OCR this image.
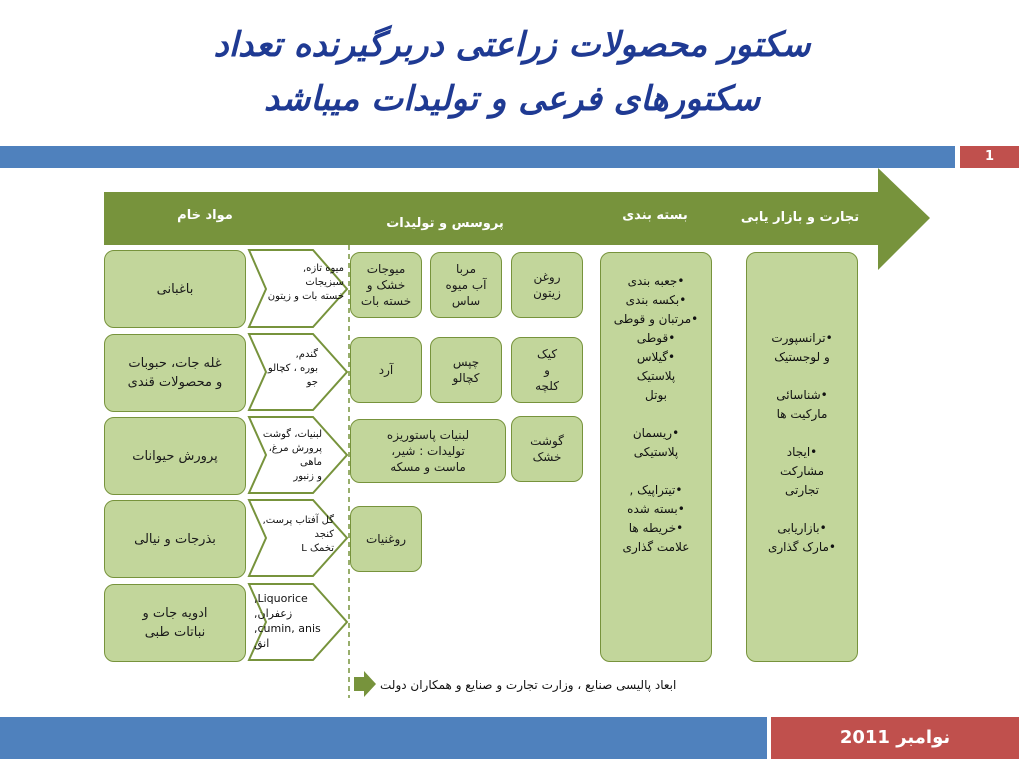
سکتور محصولات زراعتی دربرگیرنده تعداد
سکتورهای فرعی و تولیدات میباشد
1
مواد خام
پروسس و تولیدات
بسته بندی	تجارت و بازار یابی
باغبانی
غله جات، حبوبات
و محصولات قندی
پرورش حیوانات
بذرجات و نیالی
ادویه جات و
نباتات طبی
میوه تازه,
سبزیجات
خسته بات و زیتون
گندم,
بوره ، کچالو
جو
لبنیات، گوشت
پرورش مرغ،
ماهی
و زنبور
گل آفتاب پرست,
کنجد
تخمک L
Liquorice,
زعفران,
cumin, anis,
انق
میوجات
خشک و
خسته بات
مربا
آب میوه
ساس
روغن
زیتون
آرد
چپس
کچالو
کیک
و
کلچه
لبنیات پاستوریزه
تولیدات : شیر،
ماست و مسکه
گوشت
خشک
روغنیات
•جعبه بندی
•بکسه بندی
•مرتبان و قوطی
•قوطی
•گیلاس
پلاستیک
بوتل

•ریسمان
پلاستیکی

•تیتراپیک ,
•بسته شده
•خریطه ها
علامت گذاری
•ترانسپورت
و لوجستیک

•شناسائی
مارکیت ها

•ایجاد
مشارکت
تجارتی

•بازاریابی
•مارک گذاری
ابعاد پالیسی صنایع ، وزارت تجارت و صنایع و همکاران دولت
نوامبر 2011
